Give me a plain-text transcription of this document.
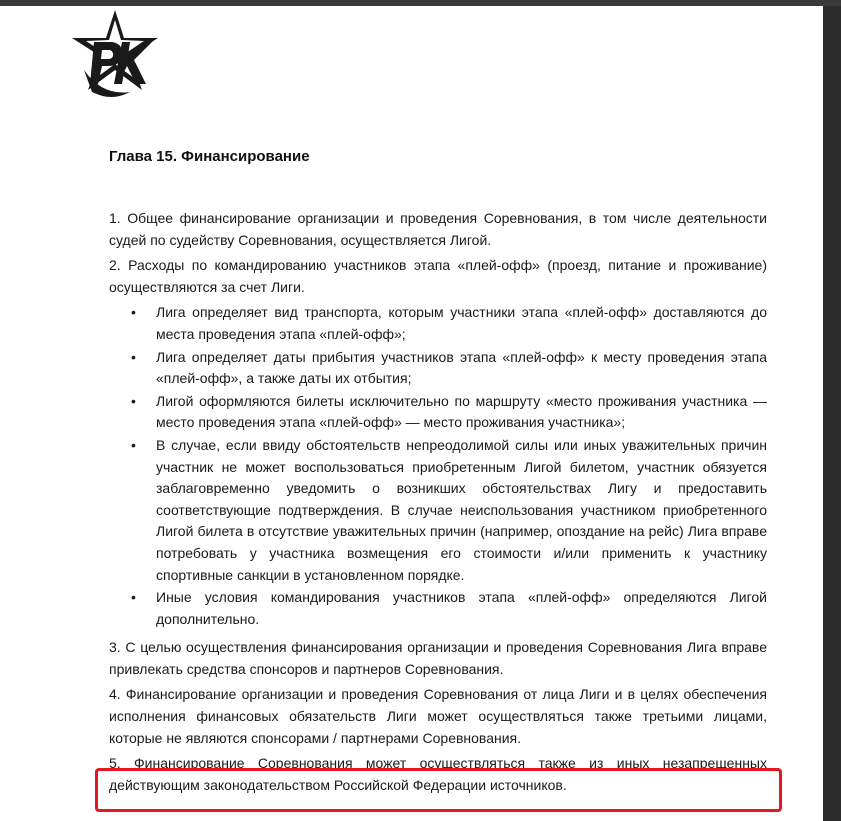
Глава 15. Финансирование

1. Общее финансирование организации и проведения Соревнования, в том числе деятельности судей по судейству Соревнования, осуществляется Лигой.

2. Расходы по командированию участников этапа «плей-офф» (проезд, питание и проживание) осуществляются за счет Лиги.

• Лига определяет вид транспорта, которым участники этапа «плей-офф» доставляются до места проведения этапа «плей-офф»;
• Лига определяет даты прибытия участников этапа «плей-офф» к месту проведения этапа «плей-офф», а также даты их отбытия;
• Лигой оформляются билеты исключительно по маршруту «место проживания участника — место проведения этапа «плей-офф» — место проживания участника»;
• В случае, если ввиду обстоятельств непреодолимой силы или иных уважительных причин участник не может воспользоваться приобретенным Лигой билетом, участник обязуется заблаговременно уведомить о возникших обстоятельствах Лигу и предоставить соответствующие подтверждения. В случае неиспользования участником приобретенного Лигой билета в отсутствие уважительных причин (например, опоздание на рейс) Лига вправе потребовать у участника возмещения его стоимости и/или применить к участнику спортивные санкции в установленном порядке.
• Иные условия командирования участников этапа «плей-офф» определяются Лигой дополнительно.

3. С целью осуществления финансирования организации и проведения Соревнования Лига вправе привлекать средства спонсоров и партнеров Соревнования.

4. Финансирование организации и проведения Соревнования от лица Лиги и в целях обеспечения исполнения финансовых обязательств Лиги может осуществляться также третьими лицами, которые не являются спонсорами / партнерами Соревнования.

5. Финансирование Соревнования может осуществляться также из иных незапрещенных действующим законодательством Российской Федерации источников.
